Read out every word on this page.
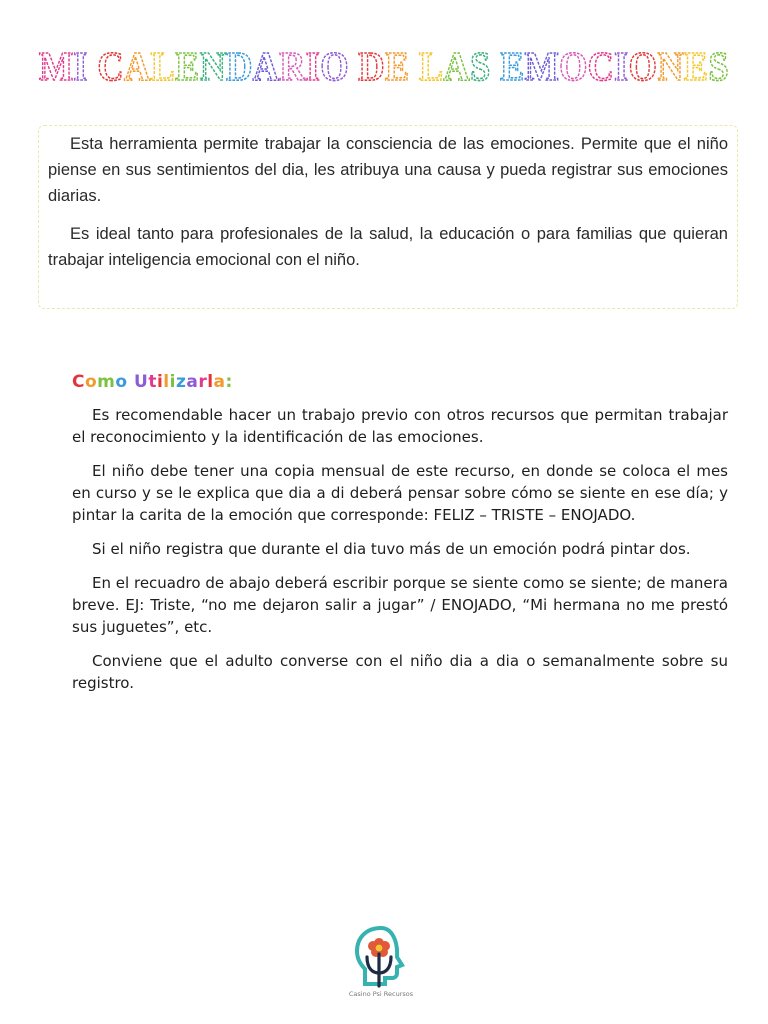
MI CALENDARIO DE LAS EMOCIONES

Esta herramienta permite trabajar la consciencia de las emociones. Permite que el niño piense en sus sentimientos del dia, les atribuya una causa y pueda registrar sus emociones diarias.

Es ideal tanto para profesionales de la salud, la educación o para familias que quieran trabajar inteligencia emocional con el niño.

Como Utilizarla:

Es recomendable hacer un trabajo previo con otros recursos que permitan trabajar el reconocimiento y la identificación de las emociones.

El niño debe tener una copia mensual de este recurso, en donde se coloca el mes en curso y se le explica que dia a di deberá pensar sobre cómo se siente en ese día; y pintar la carita de la emoción que corresponde: FELIZ – TRISTE – ENOJADO.

Si el niño registra que durante el dia tuvo más de un emoción podrá pintar dos.

En el recuadro de abajo deberá escribir porque se siente como se siente; de manera breve. EJ: Triste, “no me dejaron salir a jugar” / ENOJADO, “Mi hermana no me prestó sus juguetes”, etc.

Conviene que el adulto converse con el niño dia a dia o semanalmente sobre su registro.

Casino Psi Recursos
